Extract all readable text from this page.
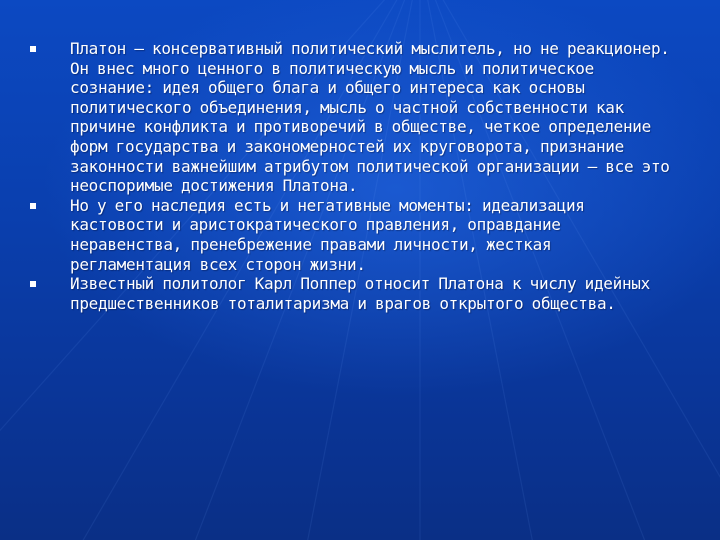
Платон – консервативный политический мыслитель, но не реакционер. Он внес много ценного в политическую мысль и политическое сознание: идея общего блага и общего интереса как основы политического объединения, мысль о частной собственности как причине конфликта и противоречий в обществе, четкое определение форм государства и закономерностей их круговорота, признание законности важнейшим атрибутом политической организации – все это неоспоримые достижения Платона.
Но у его наследия есть и негативные моменты: идеализация кастовости и аристократического правления, оправдание неравенства, пренебрежение правами личности, жесткая регламентация всех сторон жизни.
Известный политолог Карл Поппер относит Платона к числу идейных предшественников тоталитаризма и врагов открытого общества.
